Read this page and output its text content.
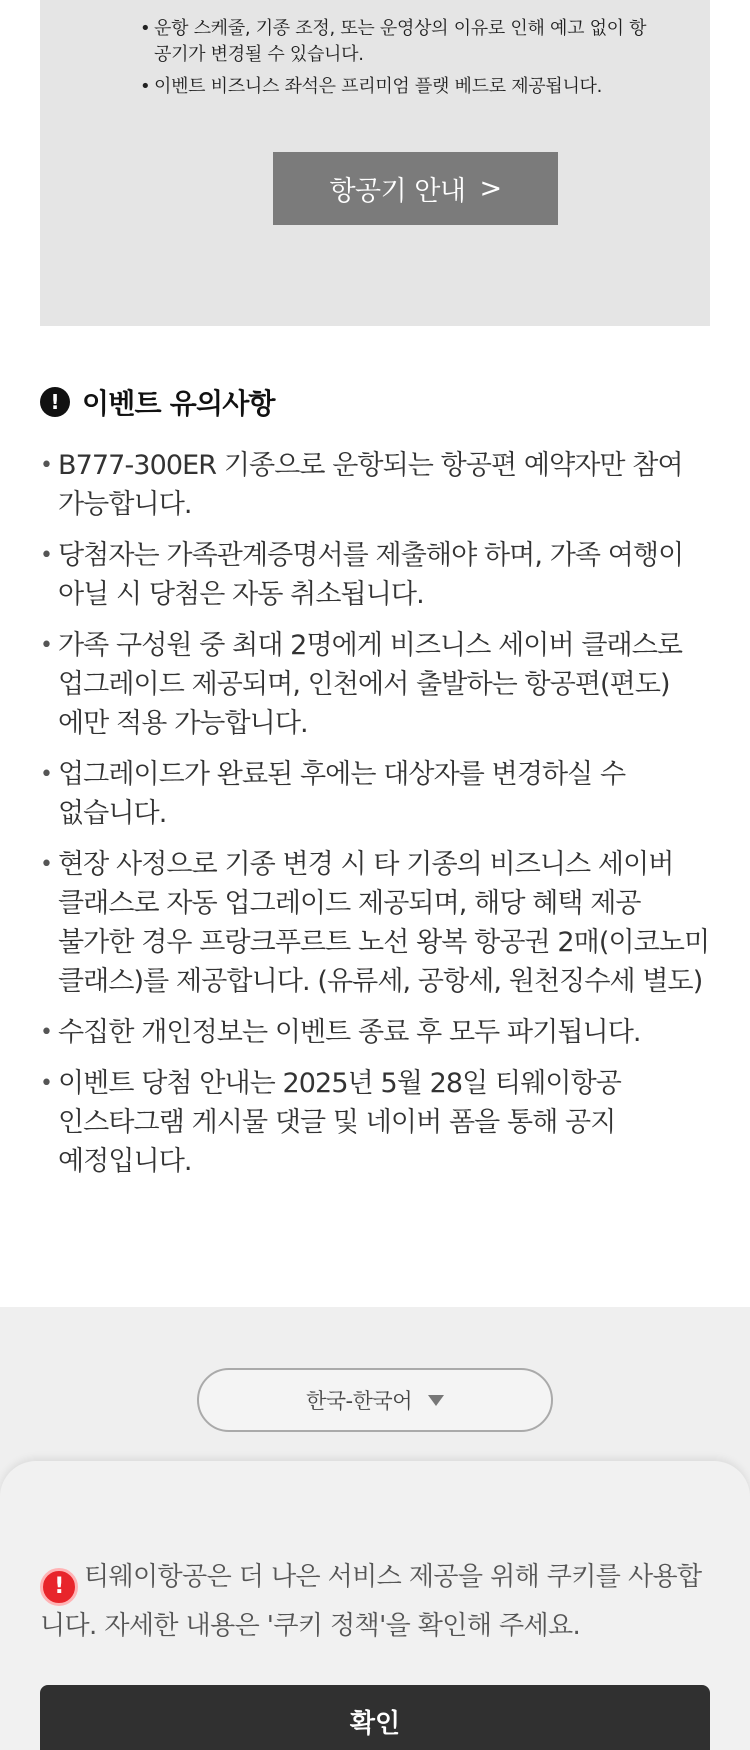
• 운항 스케줄, 기종 조정, 또는 운영상의 이유로 인해 예고 없이 항공기가 변경될 수 있습니다.
• 이벤트 비즈니스 좌석은 프리미엄 플랫 베드로 제공됩니다.
항공기 안내 >
! 이벤트 유의사항
• B777-300ER 기종으로 운항되는 항공편 예약자만 참여 가능합니다.
• 당첨자는 가족관계증명서를 제출해야 하며, 가족 여행이 아닐 시 당첨은 자동 취소됩니다.
• 가족 구성원 중 최대 2명에게 비즈니스 세이버 클래스로 업그레이드 제공되며, 인천에서 출발하는 항공편(편도)에만 적용 가능합니다.
• 업그레이드가 완료된 후에는 대상자를 변경하실 수 없습니다.
• 현장 사정으로 기종 변경 시 타 기종의 비즈니스 세이버 클래스로 자동 업그레이드 제공되며, 해당 혜택 제공 불가한 경우 프랑크푸르트 노선 왕복 항공권 2매(이코노미 클래스)를 제공합니다. (유류세, 공항세, 원천징수세 별도)
• 수집한 개인정보는 이벤트 종료 후 모두 파기됩니다.
• 이벤트 당첨 안내는 2025년 5월 28일 티웨이항공 인스타그램 게시물 댓글 및 네이버 폼을 통해 공지 예정입니다.
한국-한국어

! 티웨이항공은 더 나은 서비스 제공을 위해 쿠키를 사용합니다. 자세한 내용은 '쿠키 정책'을 확인해 주세요.

확인
